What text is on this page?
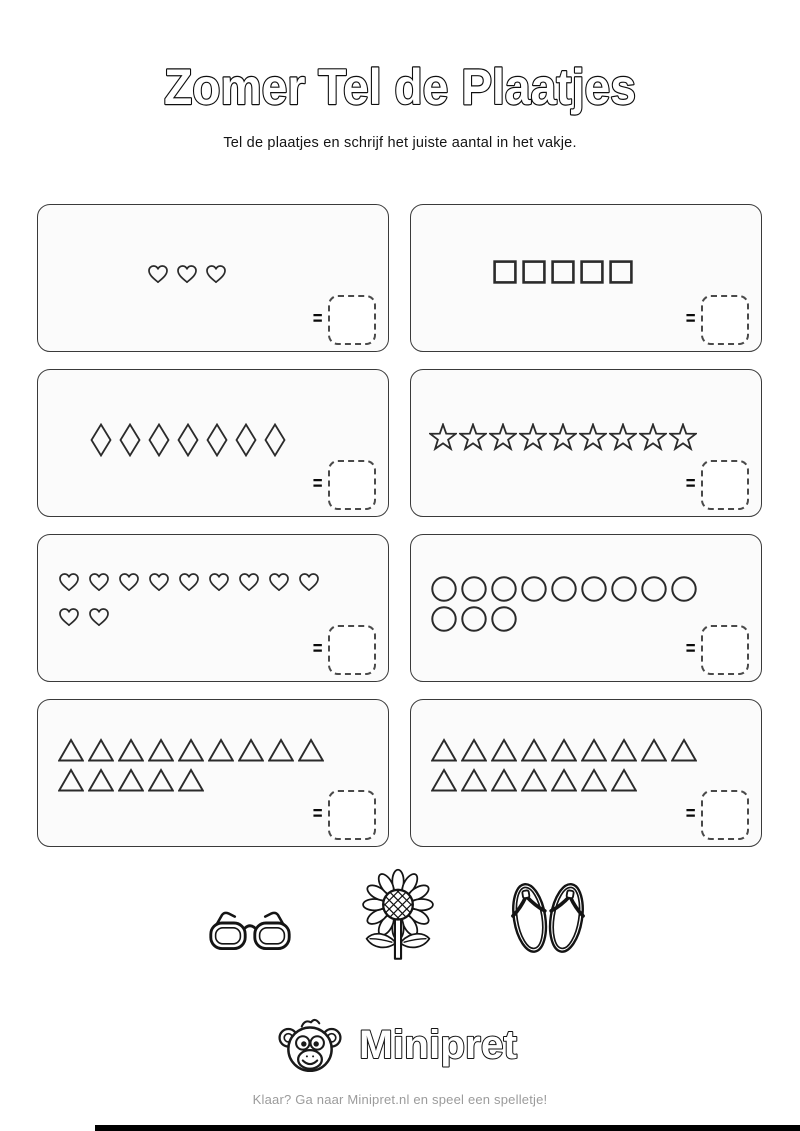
Zomer Tel de Plaatjes
Tel de plaatjes en schrijf het juiste aantal in het vakje.
=	=
=	=
=	=
=	=
Minipret
Klaar? Ga naar Minipret.nl en speel een spelletje!
